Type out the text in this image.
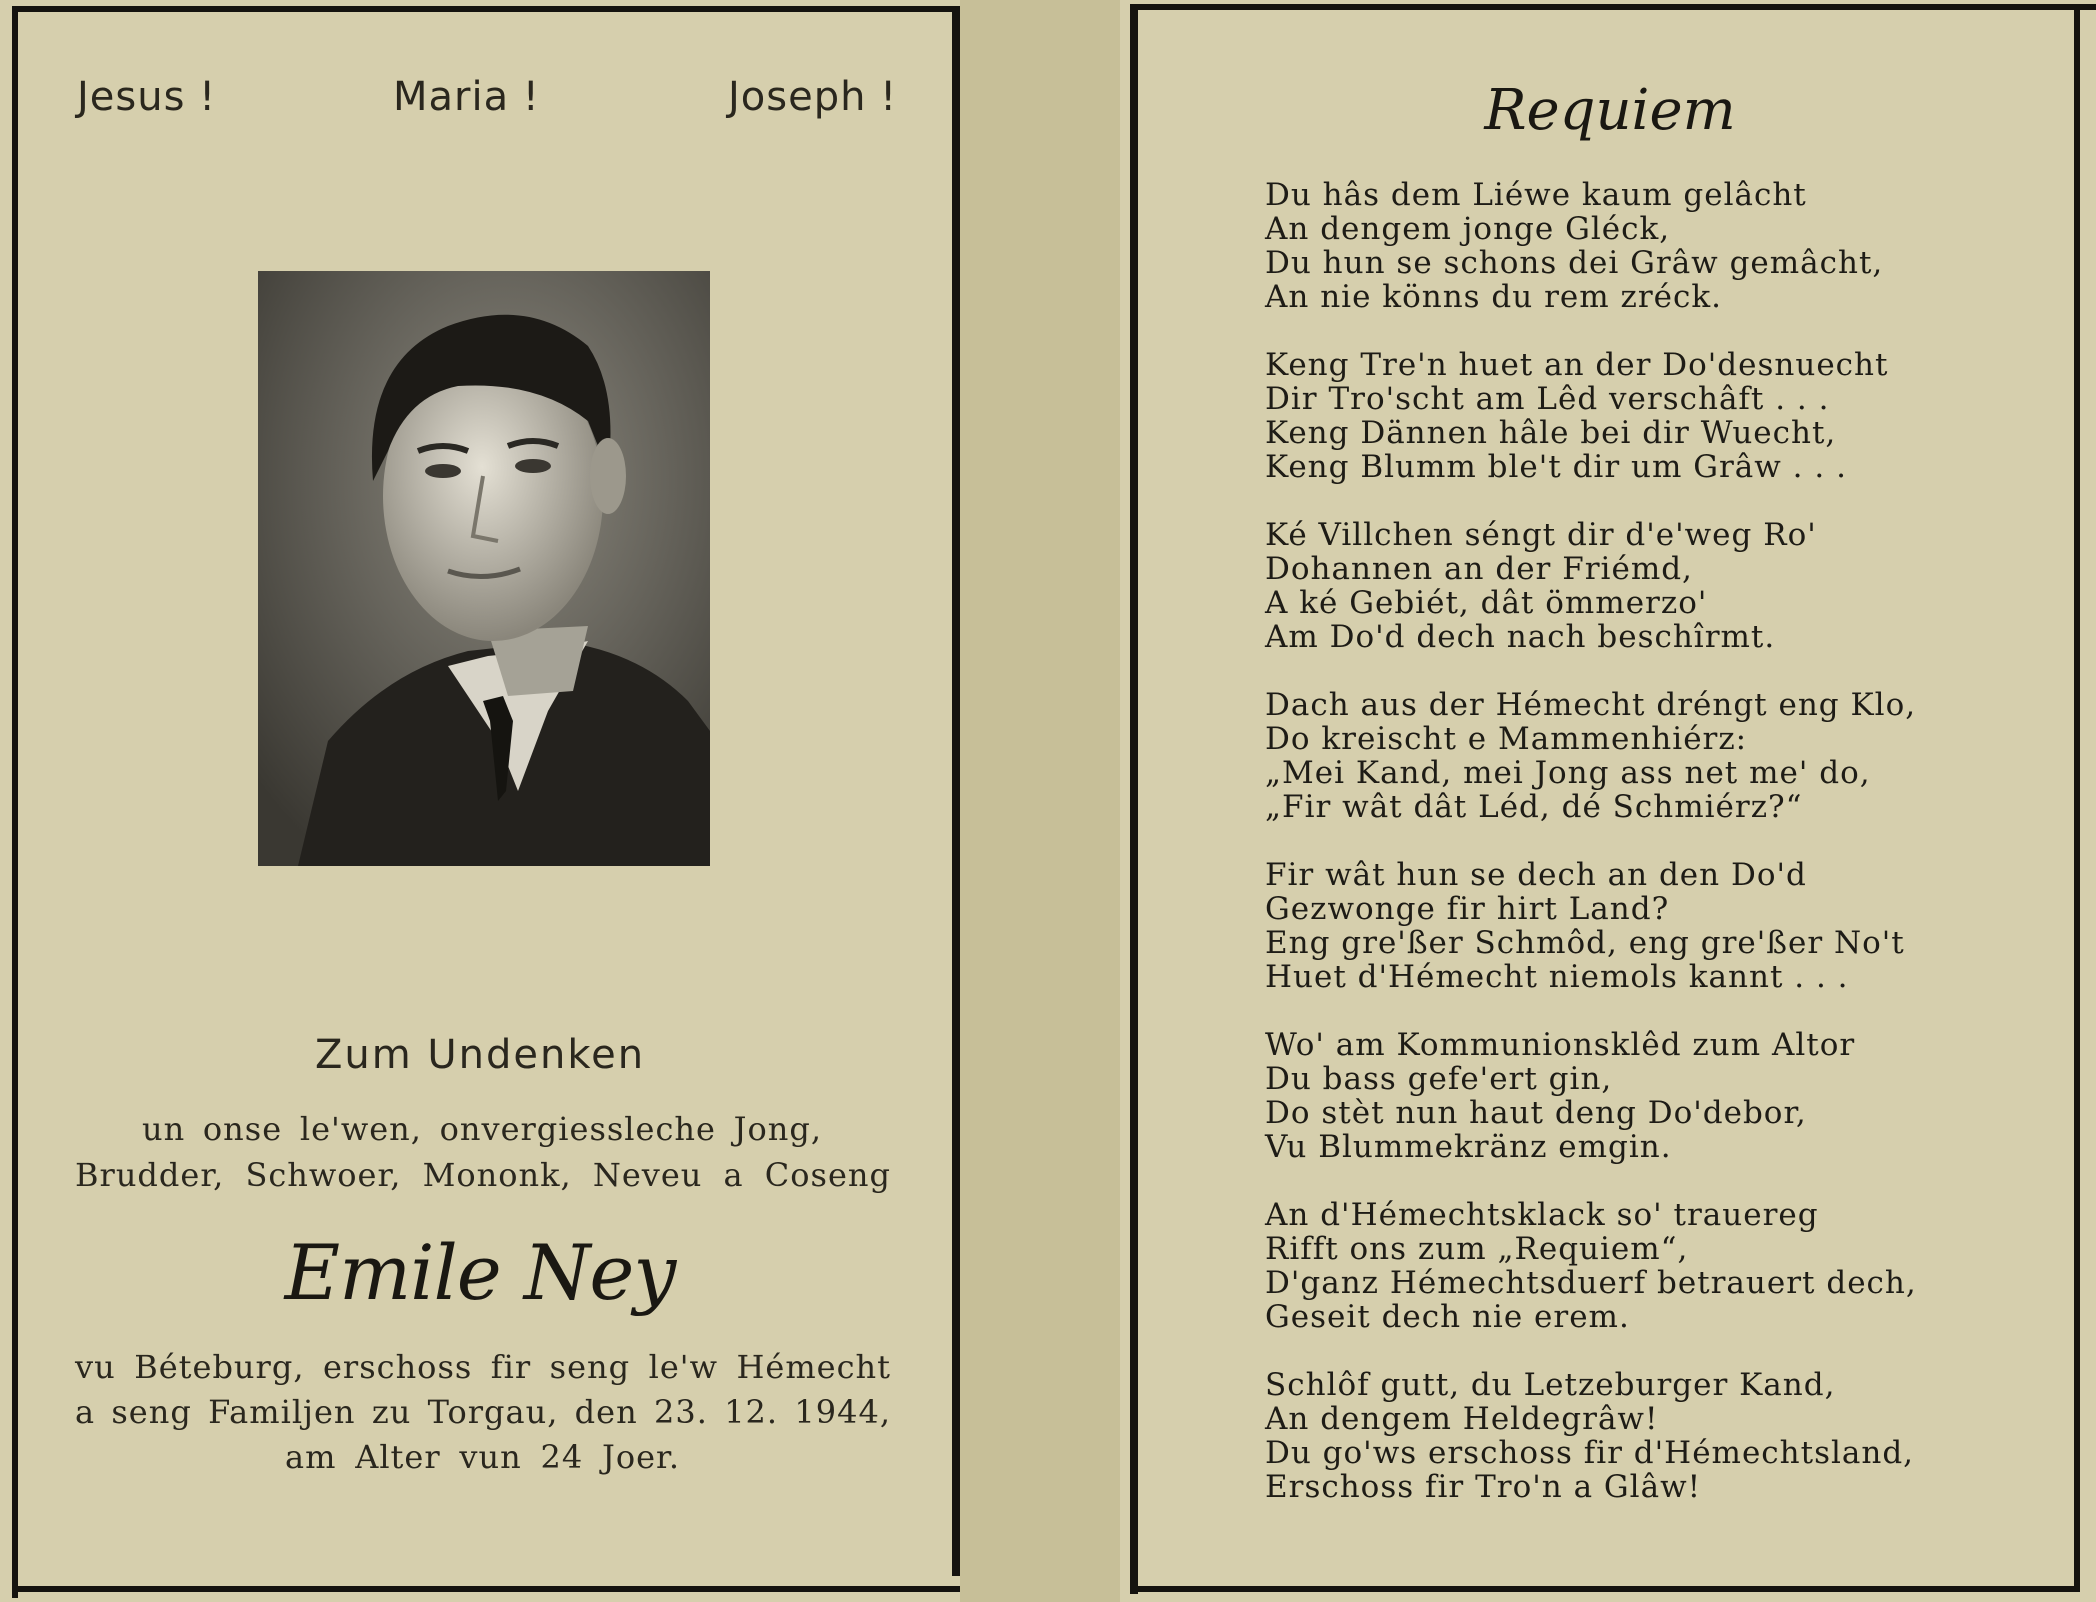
Jesus !	Maria !	Joseph !
Zum Undenken
un onse le'wen, onvergiessleche Jong,
Brudder, Schwoer, Mononk, Neveu a Coseng
Emile Ney
vu Béteburg, erschoss fir seng le'w Hémecht
a seng Familjen zu Torgau, den 23. 12. 1944,
am Alter vun 24 Joer.
Requiem
Du hâs dem Liéwe kaum gelâcht
An dengem jonge Gléck,
Du hun se schons dei Grâw gemâcht,
An nie könns du rem zréck.
Keng Tre'n huet an der Do'desnuecht
Dir Tro'scht am Lêd verschâft . . .
Keng Dännen hâle bei dir Wuecht,
Keng Blumm ble't dir um Grâw . . .
Ké Villchen séngt dir d'e'weg Ro'
Dohannen an der Friémd,
A ké Gebiét, dât ömmerzo'
Am Do'd dech nach beschîrmt.
Dach aus der Hémecht dréngt eng Klo,
Do kreischt e Mammenhiérz:
„Mei Kand, mei Jong ass net me' do,
„Fir wât dât Léd, dé Schmiérz?“
Fir wât hun se dech an den Do'd
Gezwonge fir hirt Land?
Eng gre'ßer Schmôd, eng gre'ßer No't
Huet d'Hémecht niemols kannt . . .
Wo' am Kommunionsklêd zum Altor
Du bass gefe'ert gin,
Do stèt nun haut deng Do'debor,
Vu Blummekränz emgin.
An d'Hémechtsklack so' trauereg
Rifft ons zum „Requiem“,
D'ganz Hémechtsduerf betrauert dech,
Geseit dech nie erem.
Schlôf gutt, du Letzeburger Kand,
An dengem Heldegrâw!
Du go'ws erschoss fir d'Hémechtsland,
Erschoss fir Tro'n a Glâw!
